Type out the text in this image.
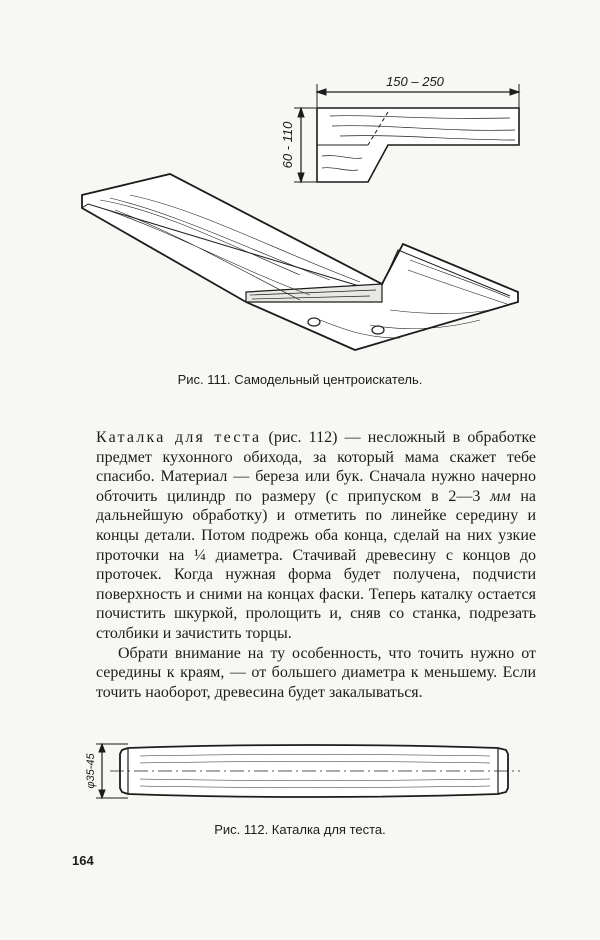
150 – 250
60 - 110
Рис. 111. Самодельный центроискатель.

Каталка для теста (рис. 112) — несложный в обработке предмет кухонного обихода, за который мама скажет тебе спасибо. Материал — береза или бук. Сначала нужно начерно обточить цилиндр по размеру (с припуском в 2—3 мм на дальнейшую обработку) и отметить по линейке середину и концы детали. Потом подрежь оба конца, сделай на них узкие проточки на ¼ диаметра. Стачивай древесину с концов до проточек. Когда нужная форма будет получена, подчисти поверхность и сними на концах фаски. Теперь каталку остается почистить шкуркой, пролощить и, сняв со станка, подрезать столбики и зачистить торцы.

Обрати внимание на ту особенность, что точить нужно от середины к краям, — от большего диаметра к меньшему. Если точить наоборот, древесина будет закалываться.

φ35-45
Рис. 112. Каталка для теста.
164
